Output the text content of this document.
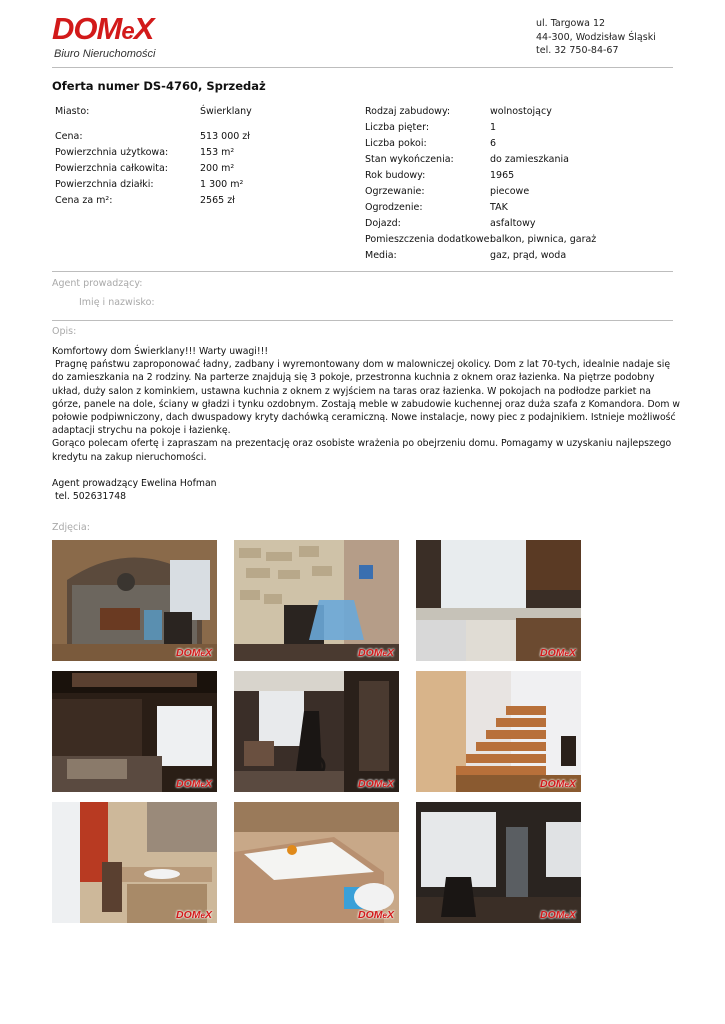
DOMeX
Biuro Nieruchomości
ul. Targowa 12
44-300, Wodzisław Śląski
tel. 32 750-84-67
Oferta numer DS-4760, Sprzedaż
Miasto:	Świerklany
Cena:	513 000 zł
Powierzchnia użytkowa:	153 m²
Powierzchnia całkowita:	200 m²
Powierzchnia działki:	1 300 m²
Cena za m²:	2565 zł
Rodzaj zabudowy:	wolnostojący
Liczba pięter:	1
Liczba pokoi:	6
Stan wykończenia:	do zamieszkania
Rok budowy:	1965
Ogrzewanie:	piecowe
Ogrodzenie:	TAK
Dojazd:	asfaltowy
Pomieszczenia dodatkowe:
balkon, piwnica, garaż
Media:	gaz, prąd, woda
Agent prowadzący:
Imię i nazwisko:
Opis:

Komfortowy dom Świerklany!!! Warty uwagi!!!

Pragnę państwu zaproponować ładny, zadbany i wyremontowany dom w malowniczej okolicy. Dom z lat 70-tych, idealnie nadaje się do zamieszkania na 2 rodziny. Na parterze znajdują się 3 pokoje, przestronna kuchnia z oknem oraz łazienka. Na piętrze podobny układ, duży salon z kominkiem, ustawna kuchnia z oknem z wyjściem na taras oraz łazienka. W pokojach na podłodze parkiet na górze, panele na dole, ściany w gładzi i tynku ozdobnym. Zostają meble w zabudowie kuchennej oraz duża szafa z Komandora. Dom w połowie podpiwniczony, dach dwuspadowy kryty dachówką ceramiczną. Nowe instalacje, nowy piec z podajnikiem. Istnieje możliwość adaptacji strychu na pokoje i łazienkę.

Gorąco polecam ofertę i zapraszam na prezentację oraz osobiste wrażenia po obejrzeniu domu. Pomagamy w uzyskaniu najlepszego kredytu na zakup nieruchomości.

Agent prowadzący Ewelina Hofman

tel. 502631748

Zdjęcia:
DOMeX	DOMeX	DOMeX
DOMeX	DOMeX	DOMeX
DOMeX	DOMeX	DOMeX
